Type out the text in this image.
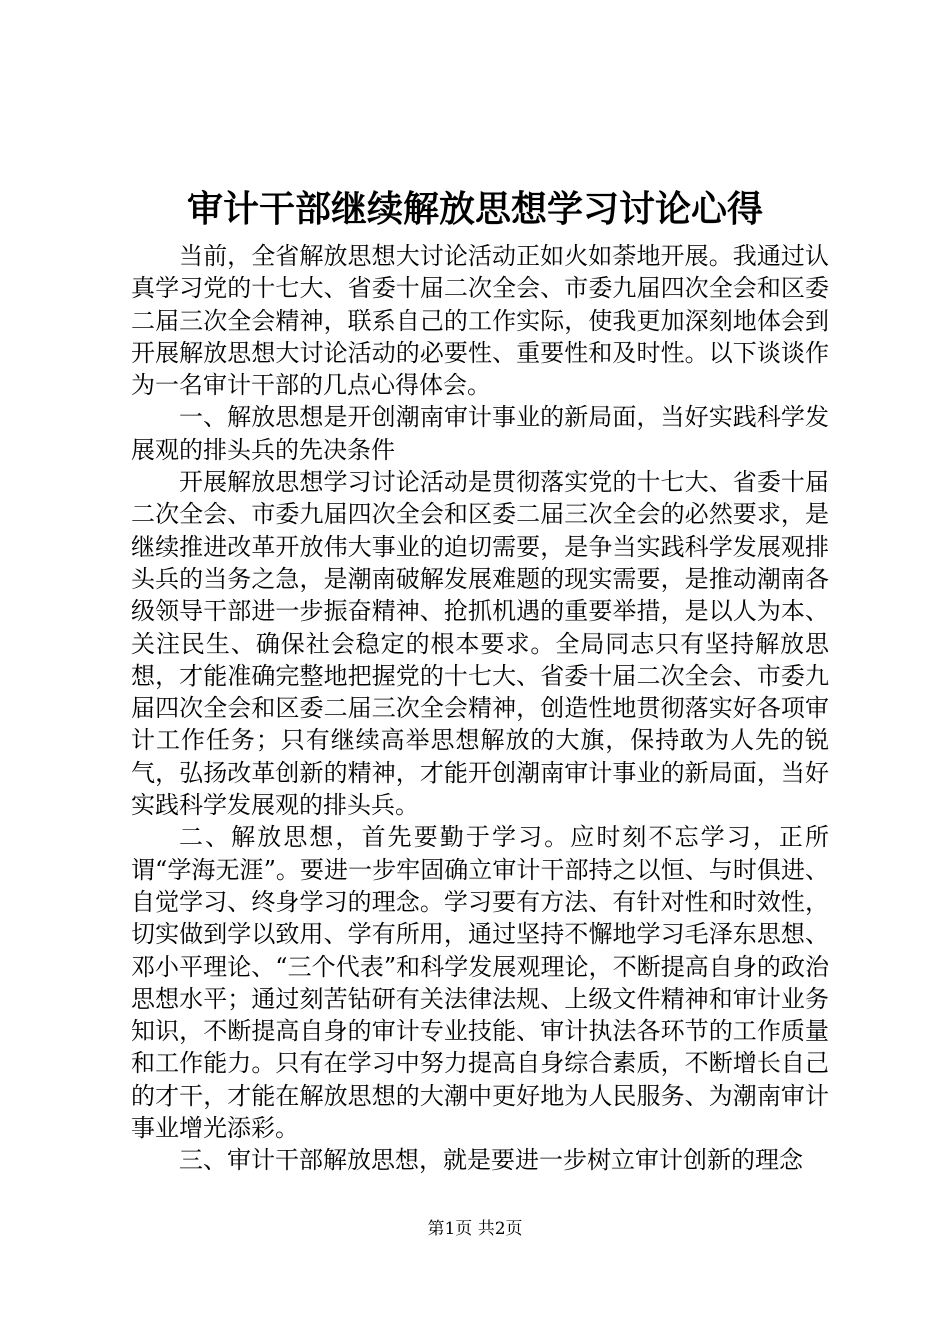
审计干部继续解放思想学习讨论心得

当前，全省解放思想大讨论活动正如火如荼地开展。我通过认真学习党的十七大、省委十届二次全会、市委九届四次全会和区委二届三次全会精神，联系自己的工作实际，使我更加深刻地体会到开展解放思想大讨论活动的必要性、重要性和及时性。以下谈谈作为一名审计干部的几点心得体会。

一、解放思想是开创潮南审计事业的新局面，当好实践科学发展观的排头兵的先决条件

开展解放思想学习讨论活动是贯彻落实党的十七大、省委十届二次全会、市委九届四次全会和区委二届三次全会的必然要求，是继续推进改革开放伟大事业的迫切需要，是争当实践科学发展观排头兵的当务之急，是潮南破解发展难题的现实需要，是推动潮南各级领导干部进一步振奋精神、抢抓机遇的重要举措，是以人为本、关注民生、确保社会稳定的根本要求。全局同志只有坚持解放思想，才能准确完整地把握党的十七大、省委十届二次全会、市委九届四次全会和区委二届三次全会精神，创造性地贯彻落实好各项审计工作任务；只有继续高举思想解放的大旗，保持敢为人先的锐气，弘扬改革创新的精神，才能开创潮南审计事业的新局面，当好实践科学发展观的排头兵。

二、解放思想，首先要勤于学习。应时刻不忘学习，正所谓“学海无涯”。要进一步牢固确立审计干部持之以恒、与时俱进、自觉学习、终身学习的理念。学习要有方法、有针对性和时效性，切实做到学以致用、学有所用，通过坚持不懈地学习毛泽东思想、邓小平理论、“三个代表”和科学发展观理论，不断提高自身的政治思想水平；通过刻苦钻研有关法律法规、上级文件精神和审计业务知识，不断提高自身的审计专业技能、审计执法各环节的工作质量和工作能力。只有在学习中努力提高自身综合素质，不断增长自己的才干，才能在解放思想的大潮中更好地为人民服务、为潮南审计事业增光添彩。

三、审计干部解放思想，就是要进一步树立审计创新的理念

第1页 共2页
